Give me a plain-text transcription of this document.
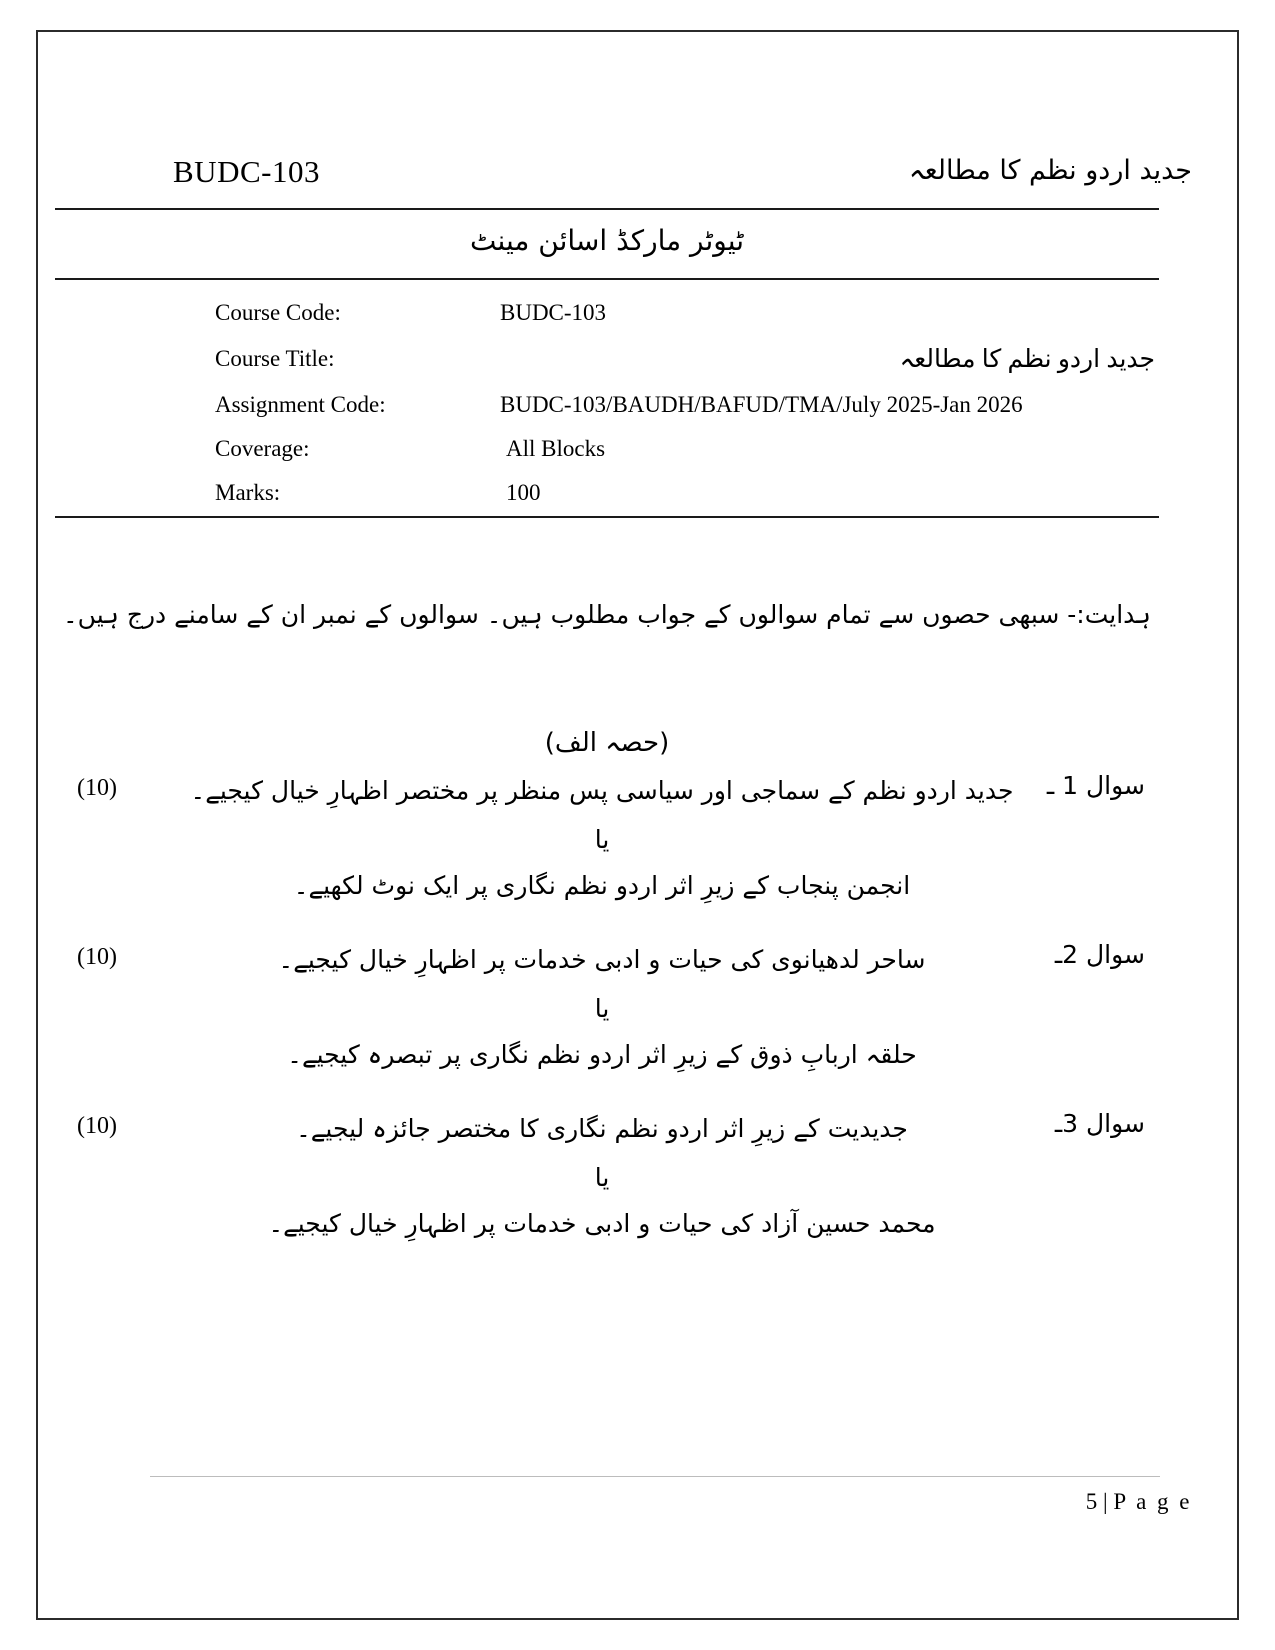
BUDC-103	جدید اردو نظم کا مطالعہ
ٹیوٹر مارکڈ اسائن مینٹ
Course Code:	BUDC-103
Course Title:	جدید اردو نظم کا مطالعہ
Assignment Code:	BUDC-103/BAUDH/BAFUD/TMA/July 2025-Jan 2026
Coverage:	All Blocks
Marks:	100
ہدایت:- سبھی حصوں سے تمام سوالوں کے جواب مطلوب ہیں۔ سوالوں کے نمبر ان کے سامنے درج ہیں۔
(حصہ الف)
(10)	جدید اردو نظم کے سماجی اور سیاسی پس منظر پر مختصر اظہارِ خیال کیجیے۔	سوال 1 ـ
یا
انجمن پنجاب کے زیرِ اثر اردو نظم نگاری پر ایک نوٹ لکھیے۔
(10)	ساحر لدھیانوی کی حیات و ادبی خدمات پر اظہارِ خیال کیجیے۔	سوال 2ـ
یا
حلقہ اربابِ ذوق کے زیرِ اثر اردو نظم نگاری پر تبصرہ کیجیے۔
(10)	جدیدیت کے زیرِ اثر اردو نظم نگاری کا مختصر جائزہ لیجیے۔	سوال 3ـ
یا
محمد حسین آزاد کی حیات و ادبی خدمات پر اظہارِ خیال کیجیے۔
5 | P a g e
